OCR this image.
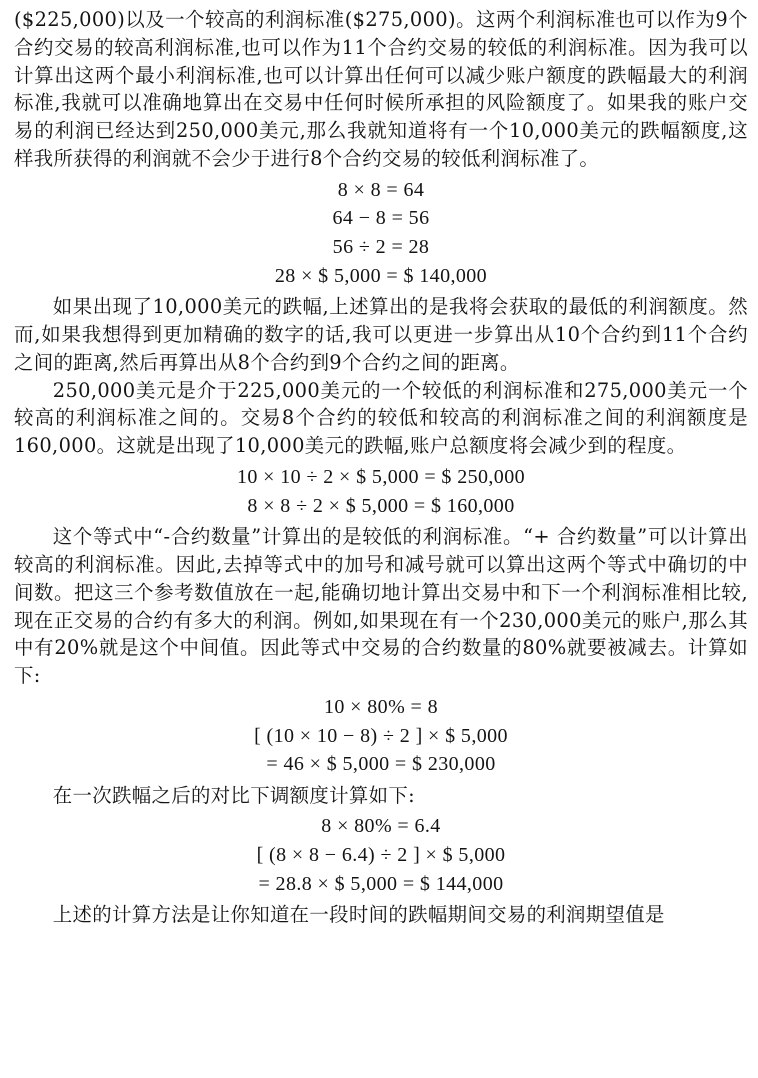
($225,000)以及一个较高的利润标准($275,000)。这两个利润标准也可以作为9个合约交易的较高利润标准,也可以作为11个合约交易的较低的利润标准。因为我可以计算出这两个最小利润标准,也可以计算出任何可以减少账户额度的跌幅最大的利润标准,我就可以准确地算出在交易中任何时候所承担的风险额度了。如果我的账户交易的利润已经达到250,000美元,那么我就知道将有一个10,000美元的跌幅额度,这样我所获得的利润就不会少于进行8个合约交易的较低利润标准了。

8 × 8 = 64

64 − 8 = 56

56 ÷ 2 = 28

28 × $ 5,000 = $ 140,000

如果出现了10,000美元的跌幅,上述算出的是我将会获取的最低的利润额度。然而,如果我想得到更加精确的数字的话,我可以更进一步算出从10个合约到11个合约之间的距离,然后再算出从8个合约到9个合约之间的距离。

250,000美元是介于225,000美元的一个较低的利润标准和275,000美元一个较高的利润标准之间的。交易8个合约的较低和较高的利润标准之间的利润额度是160,000。这就是出现了10,000美元的跌幅,账户总额度将会减少到的程度。

10 × 10 ÷ 2 × $ 5,000 = $ 250,000

8 × 8 ÷ 2 × $ 5,000 = $ 160,000

这个等式中“-合约数量”计算出的是较低的利润标准。“+ 合约数量”可以计算出较高的利润标准。因此,去掉等式中的加号和减号就可以算出这两个等式中确切的中间数。把这三个参考数值放在一起,能确切地计算出交易中和下一个利润标准相比较,现在正交易的合约有多大的利润。例如,如果现在有一个230,000美元的账户,那么其中有20%就是这个中间值。因此等式中交易的合约数量的80%就要被减去。计算如下:

10 × 80% = 8

[ (10 × 10 − 8) ÷ 2 ] × $ 5,000

= 46 × $ 5,000 = $ 230,000

在一次跌幅之后的对比下调额度计算如下:

8 × 80% = 6.4

[ (8 × 8 − 6.4) ÷ 2 ] × $ 5,000

= 28.8 × $ 5,000 = $ 144,000

上述的计算方法是让你知道在一段时间的跌幅期间交易的利润期望值是
